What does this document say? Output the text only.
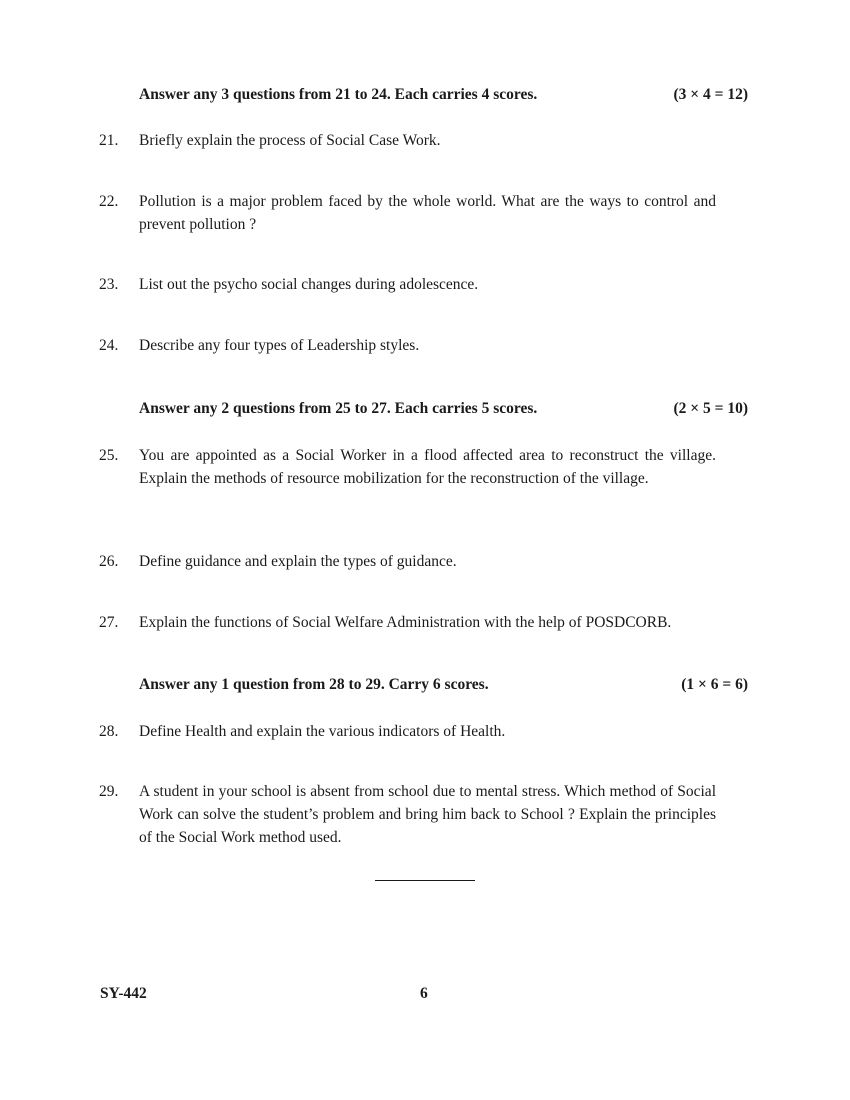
Answer any 3 questions from 21 to 24. Each carries 4 scores.	(3 × 4 = 12)
21.	Briefly explain the process of Social Case Work.
22.	Pollution is a major problem faced by the whole world. What are the ways to control and prevent pollution ?
23.	List out the psycho social changes during adolescence.
24.	Describe any four types of Leadership styles.
Answer any 2 questions from 25 to 27. Each carries 5 scores.	(2 × 5 = 10)
25.	You are appointed as a Social Worker in a flood affected area to reconstruct the village. Explain the methods of resource mobilization for the reconstruction of the village.
26.	Define guidance and explain the types of guidance.
27.	Explain the functions of Social Welfare Administration with the help of POSDCORB.
Answer any 1 question from 28 to 29. Carry 6 scores.	(1 × 6 = 6)
28.	Define Health and explain the various indicators of Health.
29.	A student in your school is absent from school due to mental stress. Which method of Social Work can solve the student’s problem and bring him back to School ? Explain the principles of the Social Work method used.
SY-442	6
